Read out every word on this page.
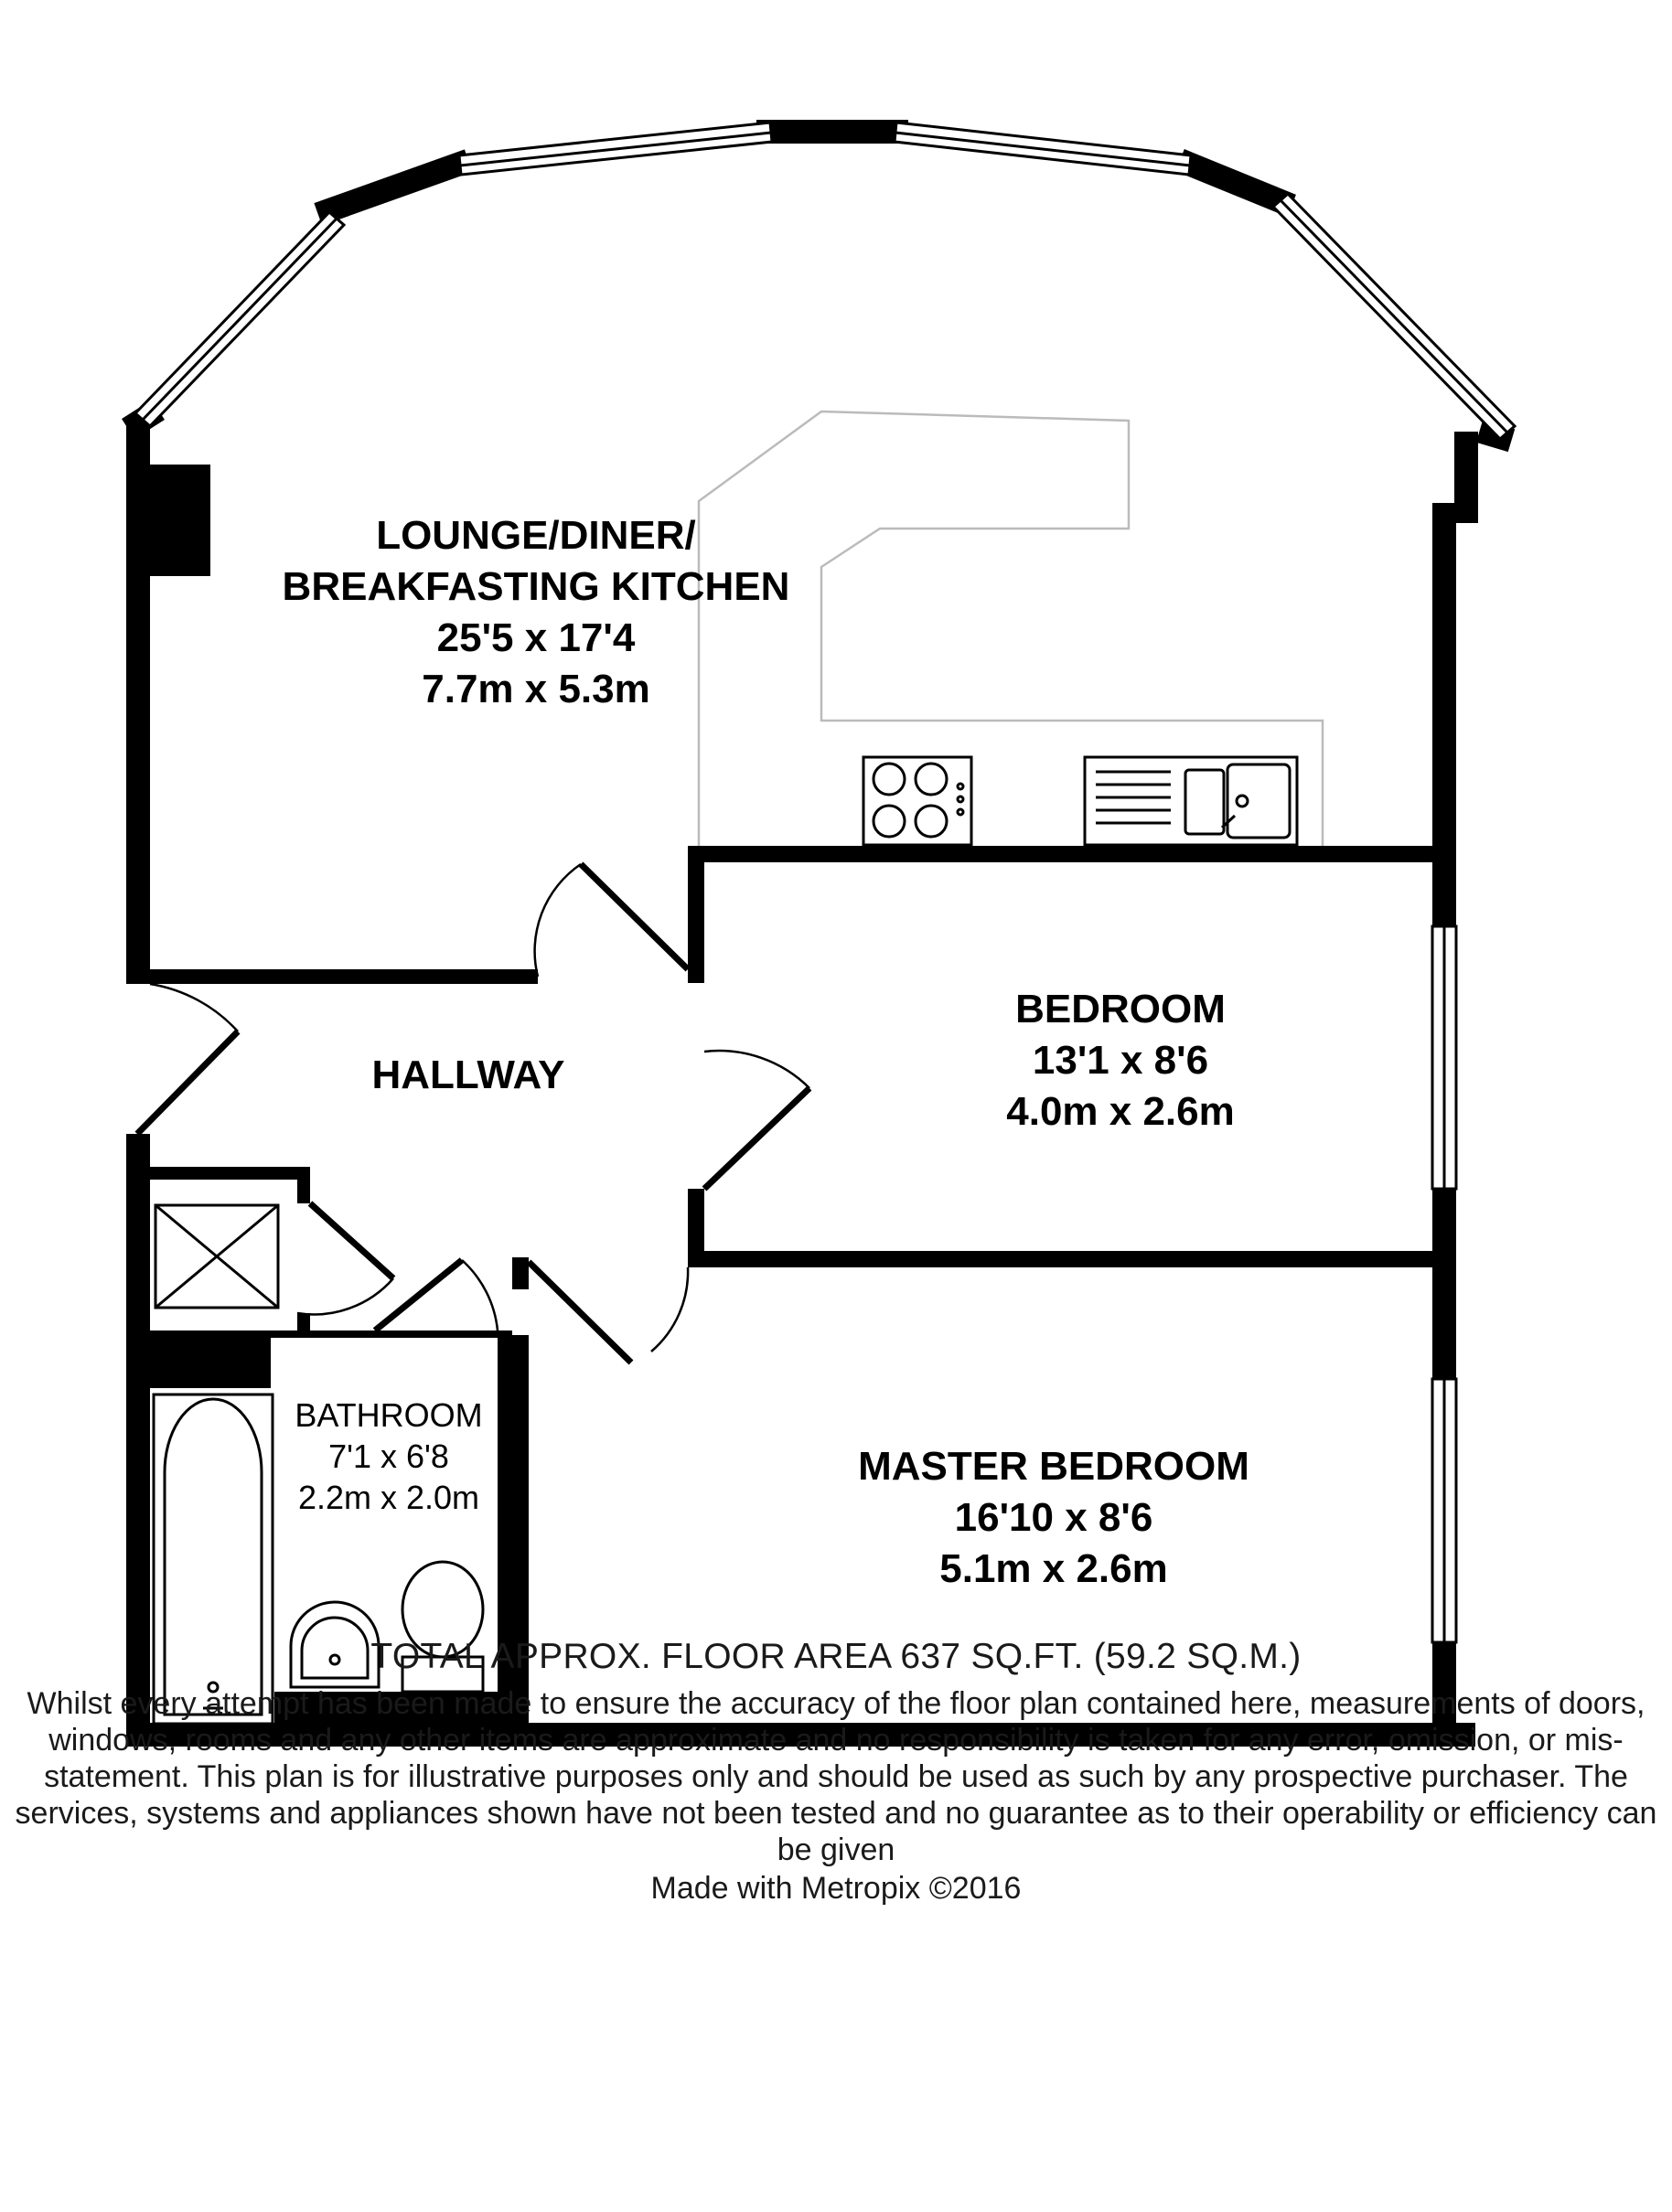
LOUNGE/DINER/
BREAKFASTING KITCHEN
25'5 x 17'4
7.7m x 5.3m
HALLWAY
BEDROOM
13'1 x 8'6
4.0m x 2.6m
BATHROOM
7'1 x 6'8
2.2m x 2.0m
MASTER BEDROOM
16'10 x 8'6
5.1m x 2.6m
TOTAL APPROX. FLOOR AREA 637 SQ.FT. (59.2 SQ.M.)
Whilst every attempt has been made to ensure the accuracy of the floor plan contained here, measurements of doors, windows, rooms and any other items are approximate and no responsibility is taken for any error, omission, or mis-statement. This plan is for illustrative purposes only and should be used as such by any prospective purchaser. The services, systems and appliances shown have not been tested and no guarantee as to their operability or efficiency can be given
Made with Metropix ©2016
